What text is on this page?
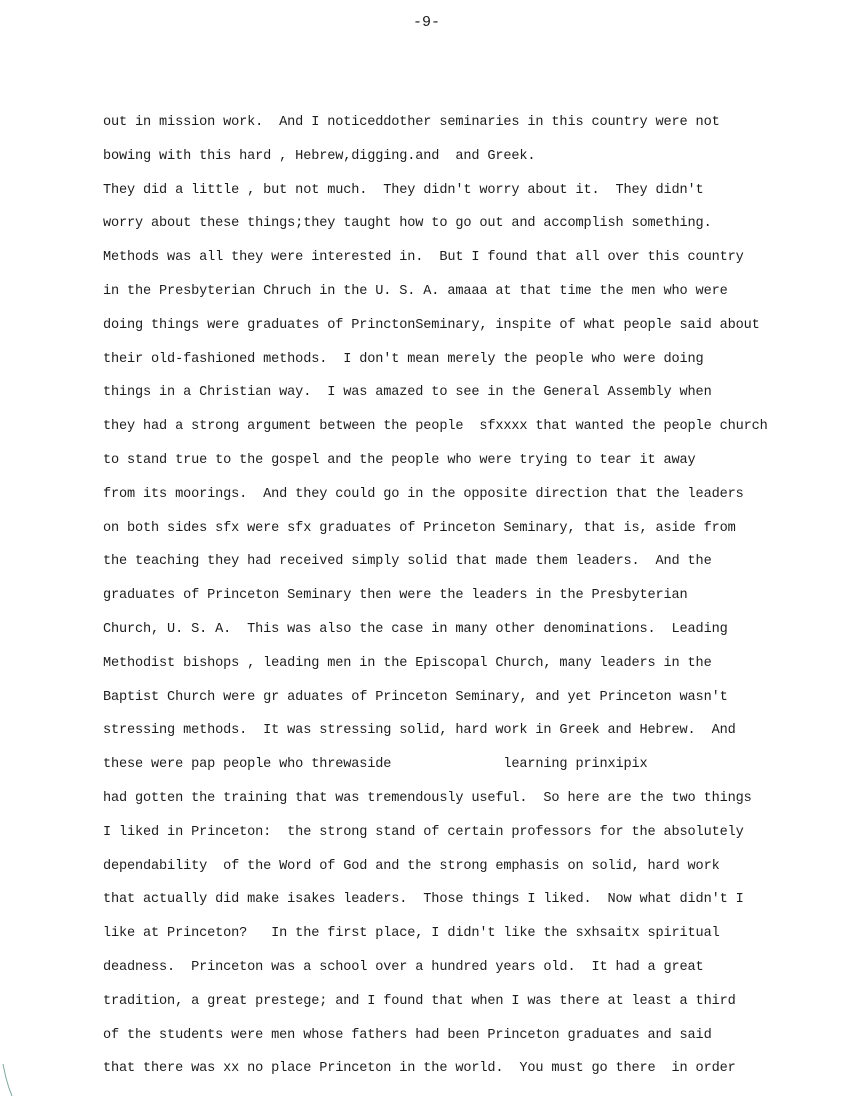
-9-
out in mission work.  And I noticeddother seminaries in this country were not
bowing with this hard , Hebrew,digging.and  and Greek.
They did a little , but not much.  They didn't worry about it.  They didn't
worry about these things;they taught how to go out and accomplish something.
Methods was all they were interested in.  But I found that all over this country
in the Presbyterian Chruch in the U. S. A. amaaa at that time the men who were
doing things were graduates of PrinctonSeminary, inspite of what people said about
their old-fashioned methods.  I don't mean merely the people who were doing
things in a Christian way.  I was amazed to see in the General Assembly when
they had a strong argument between the people  sfxxxx that wanted the people church
to stand true to the gospel and the people who were trying to tear it away
from its moorings.  And they could go in the opposite direction that the leaders
on both sides sfx were sfx graduates of Princeton Seminary, that is, aside from
the teaching they had received simply solid that made them leaders.  And the
graduates of Princeton Seminary then were the leaders in the Presbyterian
Church, U. S. A.  This was also the case in many other denominations.  Leading
Methodist bishops , leading men in the Episcopal Church, many leaders in the
Baptist Church were gr aduates of Princeton Seminary, and yet Princeton wasn't
stressing methods.  It was stressing solid, hard work in Greek and Hebrew.  And
these were pap people who threwaside              learning prinxipix
had gotten the training that was tremendously useful.  So here are the two things
I liked in Princeton:  the strong stand of certain professors for the absolutely
dependability  of the Word of God and the strong emphasis on solid, hard work
that actually did make isakes leaders.  Those things I liked.  Now what didn't I
like at Princeton?   In the first place, I didn't like the sxhsaitx spiritual
deadness.  Princeton was a school over a hundred years old.  It had a great
tradition, a great prestege; and I found that when I was there at least a third
of the students were men whose fathers had been Princeton graduates and said
that there was xx no place Princeton in the world.  You must go there  in order
